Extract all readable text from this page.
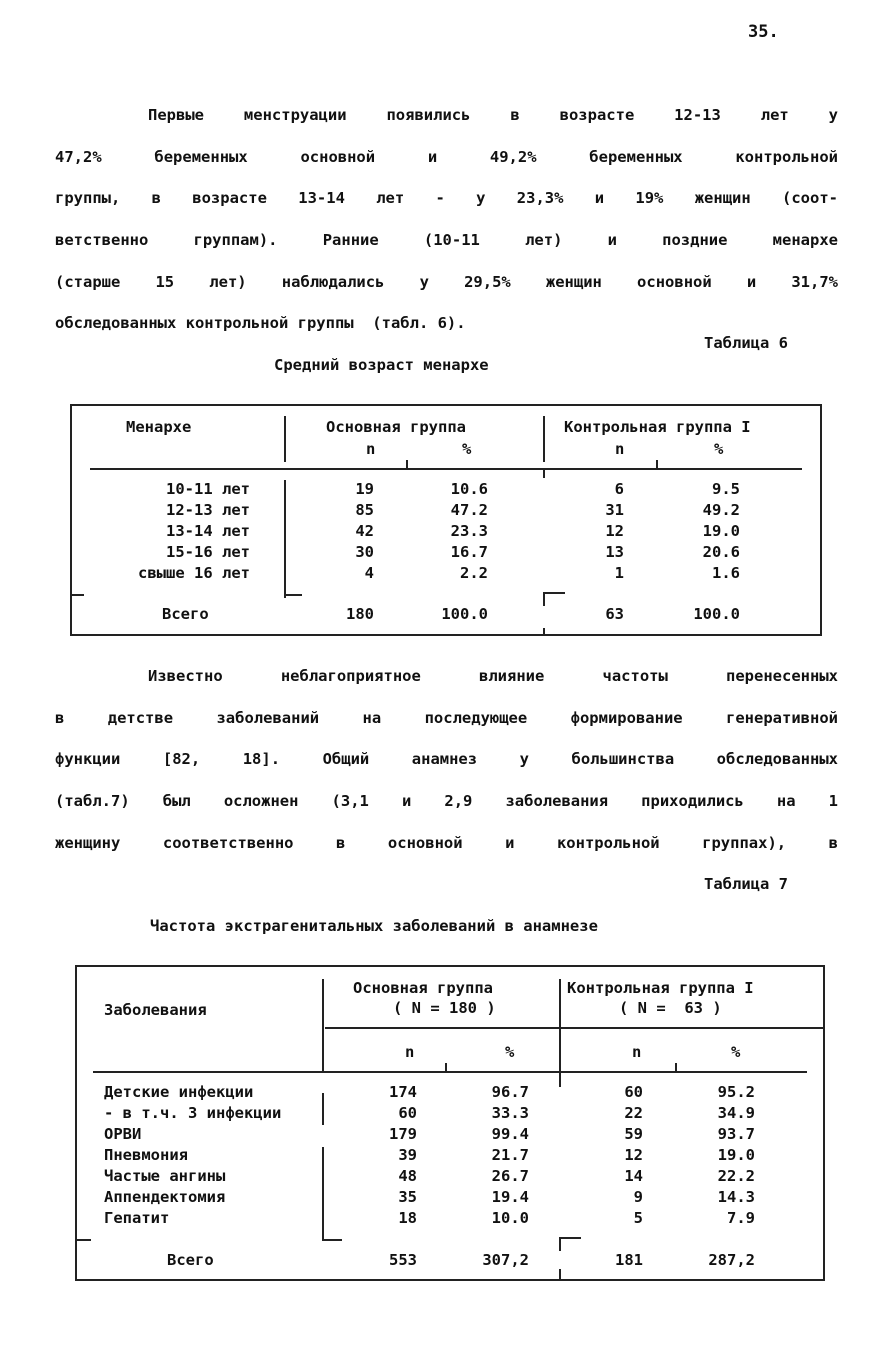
35.
Первые менструации появились в возрасте 12-13 лет у
47,2% беременных основной и 49,2% беременных контрольной
группы, в возрасте 13-14 лет - у 23,3% и 19% женщин (соот-
ветственно группам). Ранние (10-11 лет) и поздние менархе
(старше 15 лет) наблюдались у 29,5% женщин основной и 31,7%
обследованных контрольной группы  (табл. 6).
Таблица 6
Средний возраст менархе
Менархе	Основная группа	Контрольная группа I
n	%	n	%
10-11 лет	19	10.6	6	9.5
12-13 лет	85	47.2	31	49.2
13-14 лет	42	23.3	12	19.0
15-16 лет	30	16.7	13	20.6
свыше 16 лет	4	2.2	1	1.6
Всего	180	100.0	63	100.0
Известно неблагоприятное влияние частоты перенесенных
в детстве заболеваний на последующее формирование генеративной
функции [82, 18]. Общий анамнез у большинства обследованных
(табл.7) был осложнен (3,1 и 2,9 заболевания приходились на 1
женщину соответственно в основной и контрольной группах), в
Таблица 7
Частота экстрагенитальных заболеваний в анамнезе
Заболевания
Основная группа
( N = 180 )
Контрольная группа I
( N =  63 )
n	%	n	%
Детские инфекции	174	96.7	60	95.2
- в т.ч. 3 инфекции	60	33.3	22	34.9
ОРВИ	179	99.4	59	93.7
Пневмония	39	21.7	12	19.0
Частые ангины	48	26.7	14	22.2
Аппендектомия	35	19.4	9	14.3
Гепатит	18	10.0	5	7.9
Всего	553	307,2	181	287,2
